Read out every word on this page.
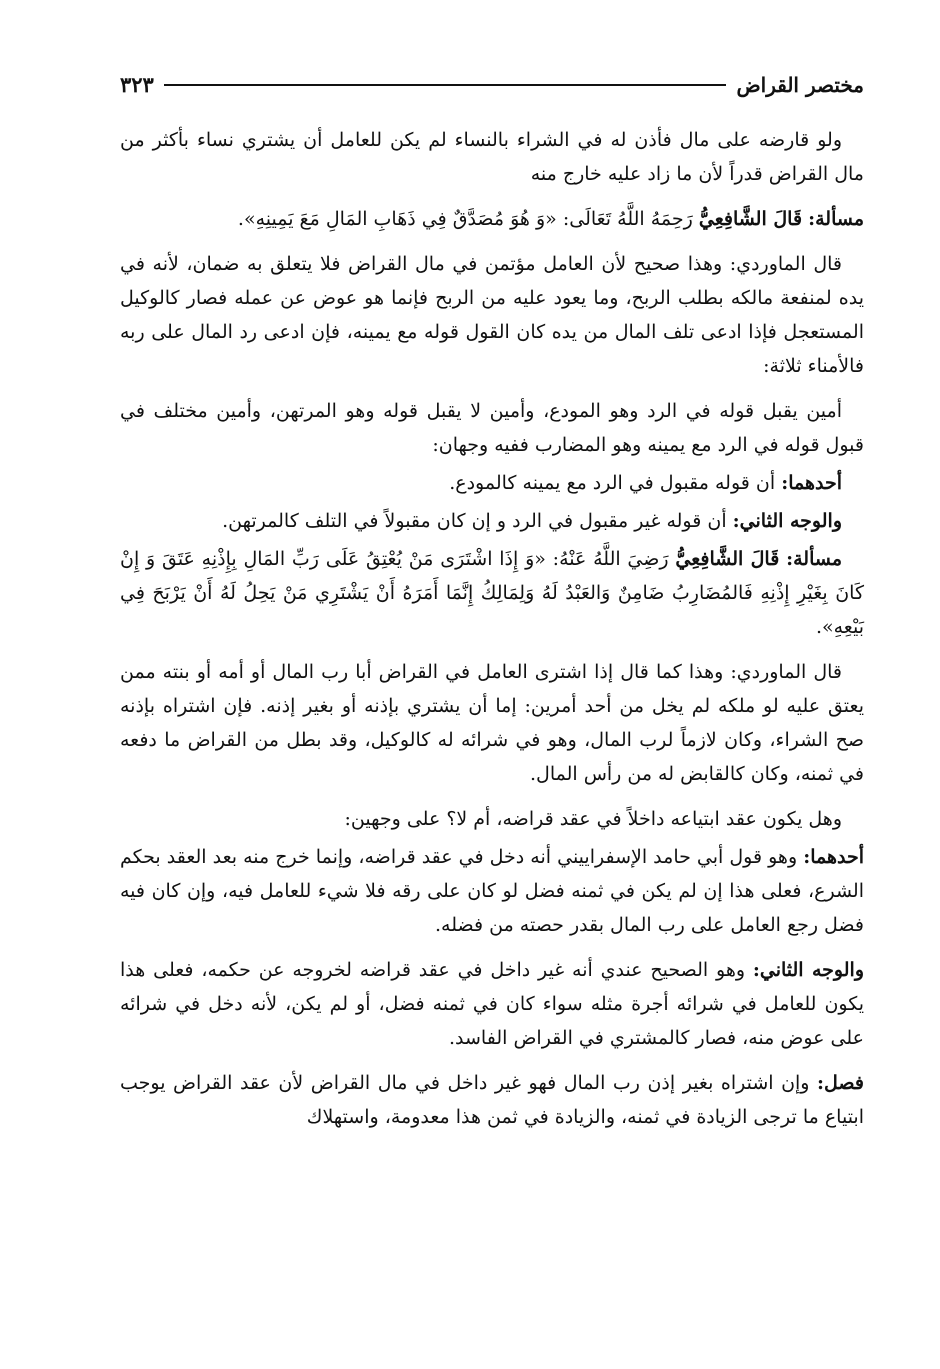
مختصر القراض
٣٢٣

ولو قارضه على مال فأذن له في الشراء بالنساء لم يكن للعامل أن يشتري نساء بأكثر من مال القراض قدراً لأن ما زاد عليه خارج منه

مسألة: قَالَ الشَّافِعِيُّ رَحِمَهُ اللَّهُ تَعَالَى: «وَ هُوَ مُصَدَّقٌ فِي ذَهَابِ المَالِ مَعَ يَمِينِهِ».

قال الماوردي: وهذا صحيح لأن العامل مؤتمن في مال القراض فلا يتعلق به ضمان، لأنه في يده لمنفعة مالكه بطلب الربح، وما يعود عليه من الربح فإنما هو عوض عن عمله فصار كالوكيل المستعجل فإذا ادعى تلف المال من يده كان القول قوله مع يمينه، فإن ادعى رد المال على ربه فالأمناء ثلاثة:

أمين يقبل قوله في الرد وهو المودع، وأمين لا يقبل قوله وهو المرتهن، وأمين مختلف في قبول قوله في الرد مع يمينه وهو المضارب ففيه وجهان:

أحدهما: أن قوله مقبول في الرد مع يمينه كالمودع.

والوجه الثاني: أن قوله غير مقبول في الرد و إن كان مقبولاً في التلف كالمرتهن.

مسألة: قَالَ الشَّافِعِيُّ رَضِيَ اللَّهُ عَنْهُ: «وَ إِذَا اشْتَرَى مَنْ يُعْتِقُ عَلَى رَبِّ المَالِ بِإِذْنِهِ عَتَقَ وَ إِنْ كَانَ بِغَيْرِ إِذْنِهِ فَالمُضَارِبُ ضَامِنٌ وَالعَبْدُ لَهُ وَلِمَالِكُ إِنَّمَا أَمَرَهُ أَنْ يَشْتَرِي مَنْ يَحِلُ لَهُ أَنْ يَرْبَحَ فِي بَيْعِهِ».

قال الماوردي: وهذا كما قال إذا اشترى العامل في القراض أبا رب المال أو أمه أو بنته ممن يعتق عليه لو ملكه لم يخل من أحد أمرين: إما أن يشتري بإذنه أو بغير إذنه. فإن اشتراه بإذنه صح الشراء، وكان لازماً لرب المال، وهو في شرائه له كالوكيل، وقد بطل من القراض ما دفعه في ثمنه، وكان كالقابض له من رأس المال.

وهل يكون عقد ابتياعه داخلاً في عقد قراضه، أم لا؟ على وجهين:

أحدهما: وهو قول أبي حامد الإسفراييني أنه دخل في عقد قراضه، وإنما خرج منه بعد العقد بحكم الشرع، فعلى هذا إن لم يكن في ثمنه فضل لو كان على رقه فلا شيء للعامل فيه، وإن كان فيه فضل رجع العامل على رب المال بقدر حصته من فضله.

والوجه الثاني: وهو الصحيح عندي أنه غير داخل في عقد قراضه لخروجه عن حكمه، فعلى هذا يكون للعامل في شرائه أجرة مثله سواء كان في ثمنه فضل، أو لم يكن، لأنه دخل في شرائه على عوض منه، فصار كالمشتري في القراض الفاسد.

فصل: وإن اشتراه بغير إذن رب المال فهو غير داخل في مال القراض لأن عقد القراض يوجب ابتياع ما ترجى الزيادة في ثمنه، والزيادة في ثمن هذا معدومة، واستهلاك
